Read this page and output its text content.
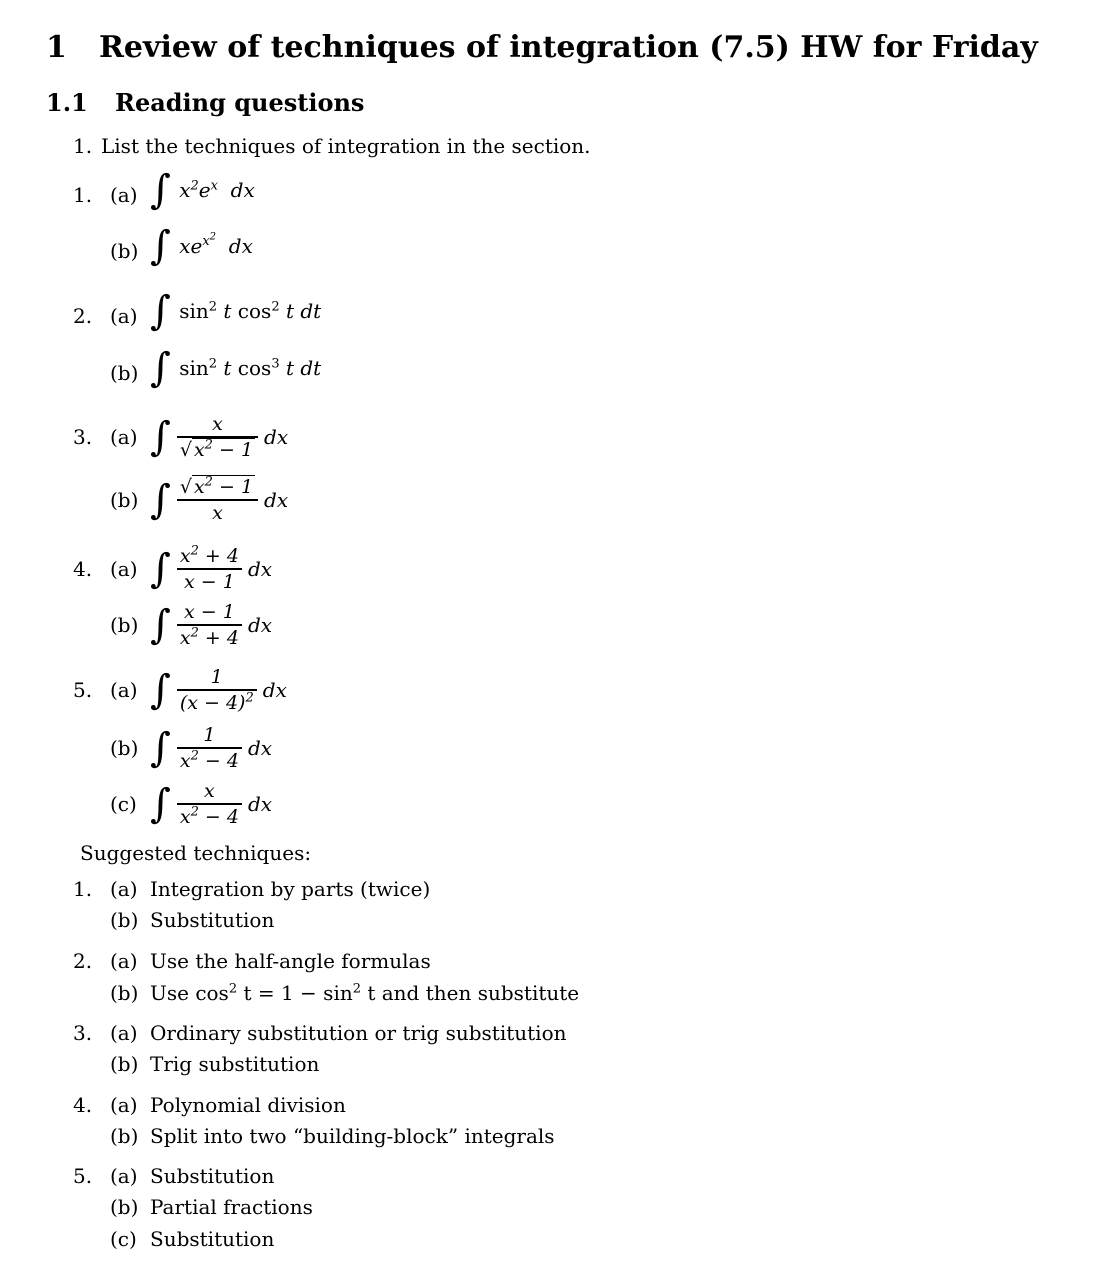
1 Review of techniques of integration (7.5) HW for Friday
1.1 Reading questions
1. List the techniques of integration in the section.
1. (a) ∫ $x^2e^x$  dx
(b) ∫ $xe^{x^2}$  dx
2. (a) ∫ $\sin^2 t$ $\cos^2 t$ dt
(b) ∫ $\sin^2 t$ $\cos^3 t$ dt
3. (a) ∫ $\frac{x}{√ x^2 - 1}$ dx
(b) ∫ $\frac{√ x^2 - 1}{x}$ dx
4. (a) ∫ $\frac{x^2 + 4}{x - 1}$ dx
(b) ∫ $\frac{x - 1}{x^2 + 4}$ dx
5. (a) ∫ $\frac{1}{(x - 4)^2}$ dx
(b) ∫ $\frac{1}{x^2 - 4}$ dx
(c) ∫ $\frac{x}{x^2 - 4}$ dx
Suggested techniques:
1. (a) Integration by parts (twice)
(b) Substitution
2. (a) Use the half-angle formulas
(b) Use $\cos^2 t = 1 - \sin^2 t$ and then substitute
3. (a) Ordinary substitution or trig substitution
(b) Trig substitution
4. (a) Polynomial division
(b) Split into two “building-block” integrals
5. (a) Substitution
(b) Partial fractions
(c) Substitution
